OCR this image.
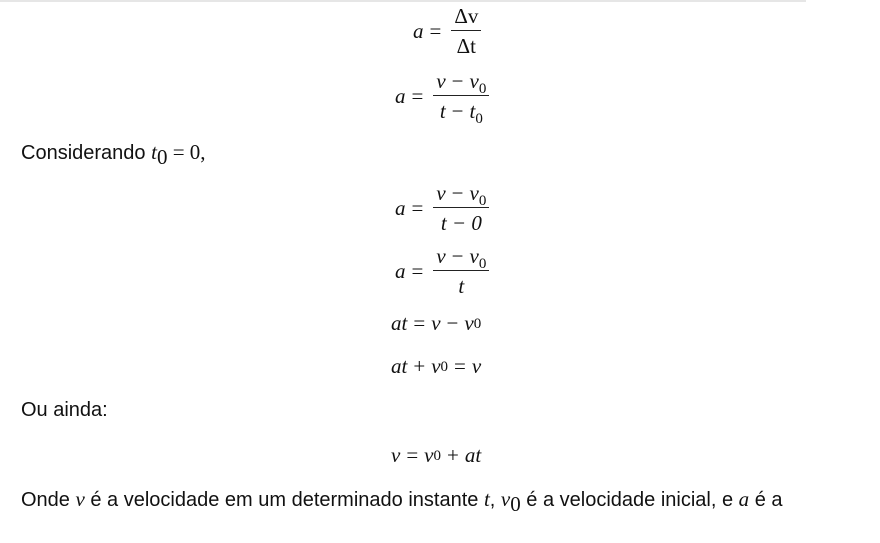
$a = \frac{\Delta v}{\Delta t}$
$a = \frac{v - v_0}{t - t_0}$
Considerando $t_0 = 0$,
$a = \frac{v - v_0}{t - 0}$
$a = \frac{v - v_0}{t}$
at = v − v 0
at + v 0 = v
Ou ainda:
v = v 0 + at
Onde v é a velocidade em um determinado instante t, $v_0$ é a velocidade inicial, e a é a
